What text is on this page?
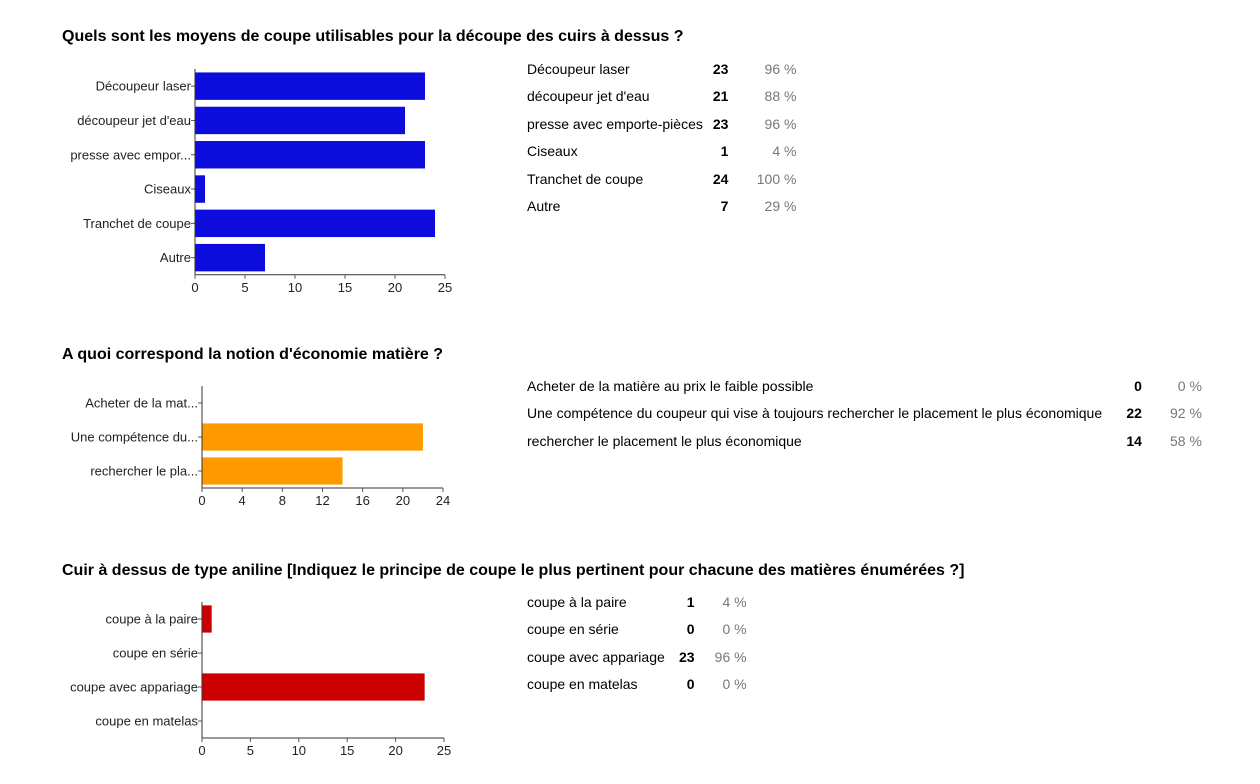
Quels sont les moyens de coupe utilisables pour la découpe des cuirs à dessus ?
Découpeur laser
découpeur jet d'eau
presse avec empor...
Ciseaux
Tranchet de coupe
Autre
0	5	10	15	20	25
Découpeur laser	23	96 %
découpeur jet d'eau	21	88 %
presse avec emporte-pièces	23	96 %
Ciseaux	1	4 %
Tranchet de coupe	24	100 %
Autre	7	29 %
A quoi correspond la notion d'économie matière ?
Acheter de la mat...
Une compétence du...
rechercher le pla...
0	4	8 12 16 20 24
Acheter de la matière au prix le faible possible	0	0 %
Une compétence du coupeur qui vise à toujours rechercher le placement le plus économique	22	92 %
rechercher le placement le plus économique	14	58 %
Cuir à dessus de type aniline [Indiquez le principe de coupe le plus pertinent pour chacune des matières énumérées ?]
coupe à la paire
coupe en série
coupe avec appariage
coupe en matelas
0	5	10	15	20	25
coupe à la paire	1	4 %
coupe en série	0	0 %
coupe avec appariage	23	96 %
coupe en matelas	0	0 %
